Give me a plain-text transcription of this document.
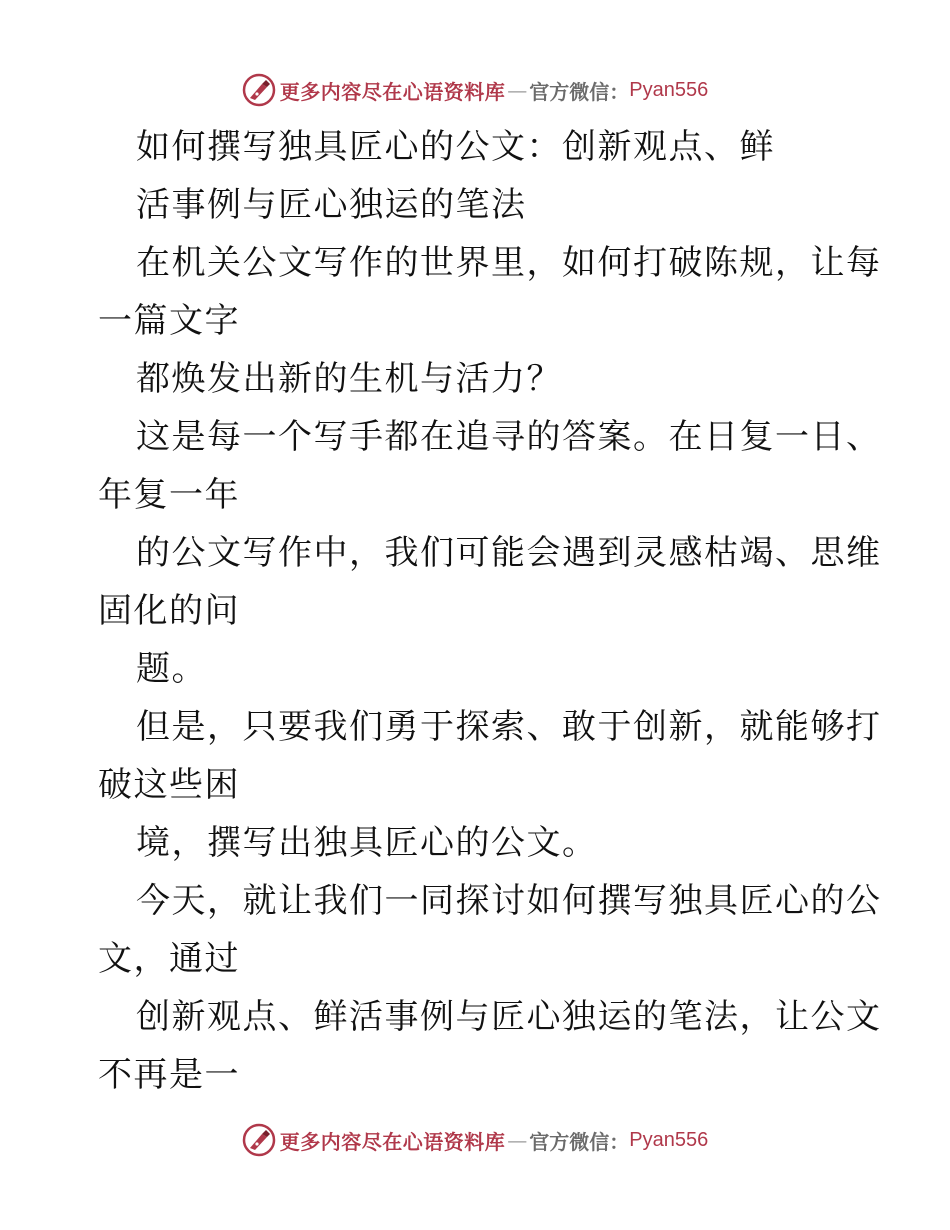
更多内容尽在心语资料库 — 官方微信： Pyan556
如何撰写独具匠心的公文：创新观点、鲜
活事例与匠心独运的笔法
在机关公文写作的世界里，如何打破陈规，让每
一篇文字
都焕发出新的生机与活力？
这是每一个写手都在追寻的答案。在日复一日、
年复一年
的公文写作中，我们可能会遇到灵感枯竭、思维
固化的问
题。
但是，只要我们勇于探索、敢于创新，就能够打
破这些困
境，撰写出独具匠心的公文。
今天，就让我们一同探讨如何撰写独具匠心的公
文，通过
创新观点、鲜活事例与匠心独运的笔法，让公文
不再是一
更多内容尽在心语资料库 — 官方微信： Pyan556
